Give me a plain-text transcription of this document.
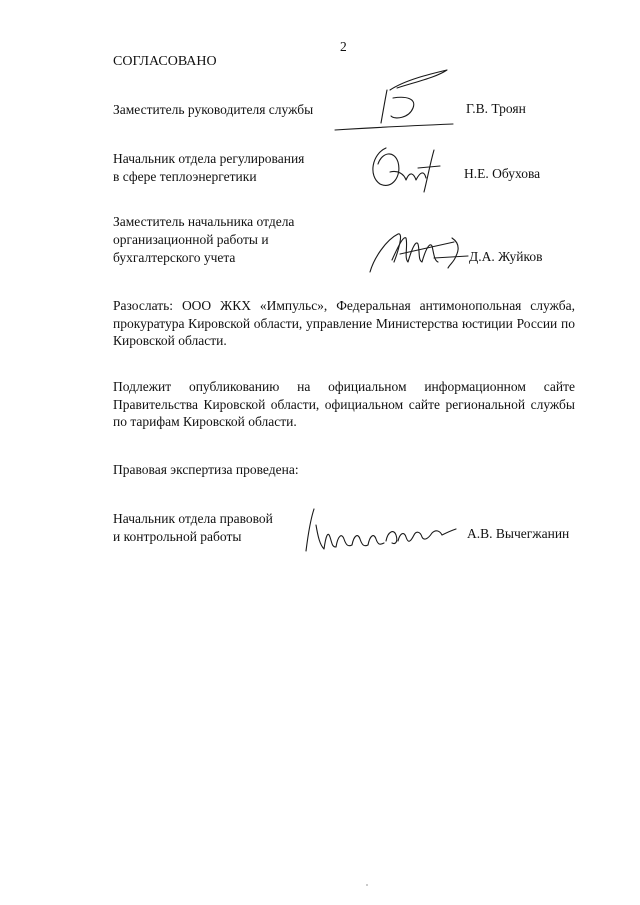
2
СОГЛАСОВАНО
Заместитель руководителя службы	Г.В. Троян
Начальник отдела регулирования
в сфере теплоэнергетики	Н.Е. Обухова
Заместитель начальника отдела
организационной работы и
бухгалтерского учета	Д.А. Жуйков
Разослать: ООО ЖКХ «Импульс», Федеральная антимонопольная служба, прокуратура Кировской области, управление Министерства юстиции России по Кировской области.
Подлежит опубликованию на официальном информационном сайте Правительства Кировской области, официальном сайте региональной службы по тарифам Кировской области.
Правовая экспертиза проведена:
Начальник отдела правовой
и контрольной работы	А.В. Вычегжанин
